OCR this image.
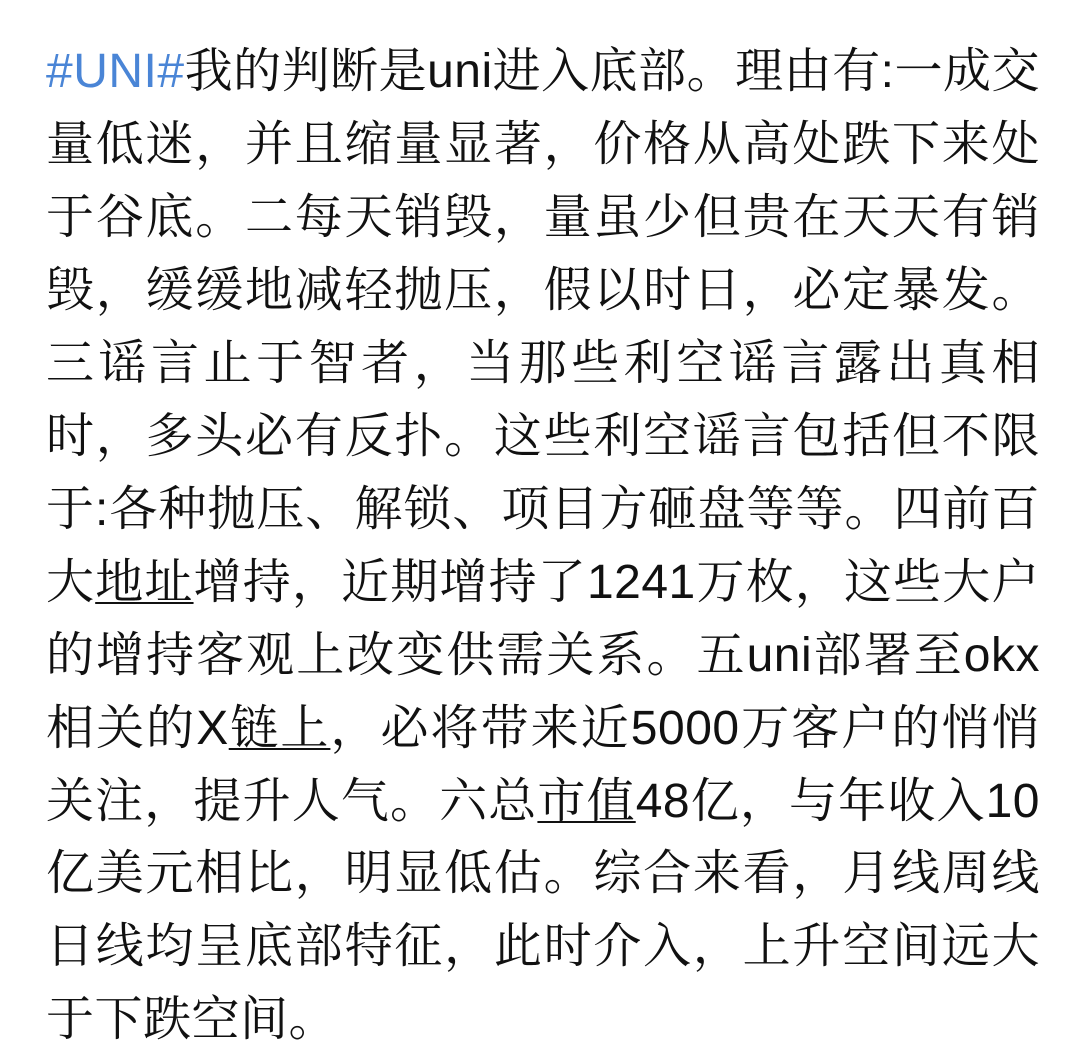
#UNI#我的判断是uni进入底部。理由有:一成交量低迷，并且缩量显著，价格从高处跌下来处于谷底。二每天销毁，量虽少但贵在天天有销毁，缓缓地减轻抛压，假以时日，必定暴发。三谣言止于智者，当那些利空谣言露出真相时，多头必有反扑。这些利空谣言包括但不限于:各种抛压、解锁、项目方砸盘等等。四前百大地址增持，近期增持了1241万枚，这些大户的增持客观上改变供需关系。五uni部署至okx相关的X链上，必将带来近5000万客户的悄悄关注，提升人气。六总市值48亿，与年收入10亿美元相比，明显低估。综合来看，月线周线日线均呈底部特征，此时介入，上升空间远大于下跌空间。
